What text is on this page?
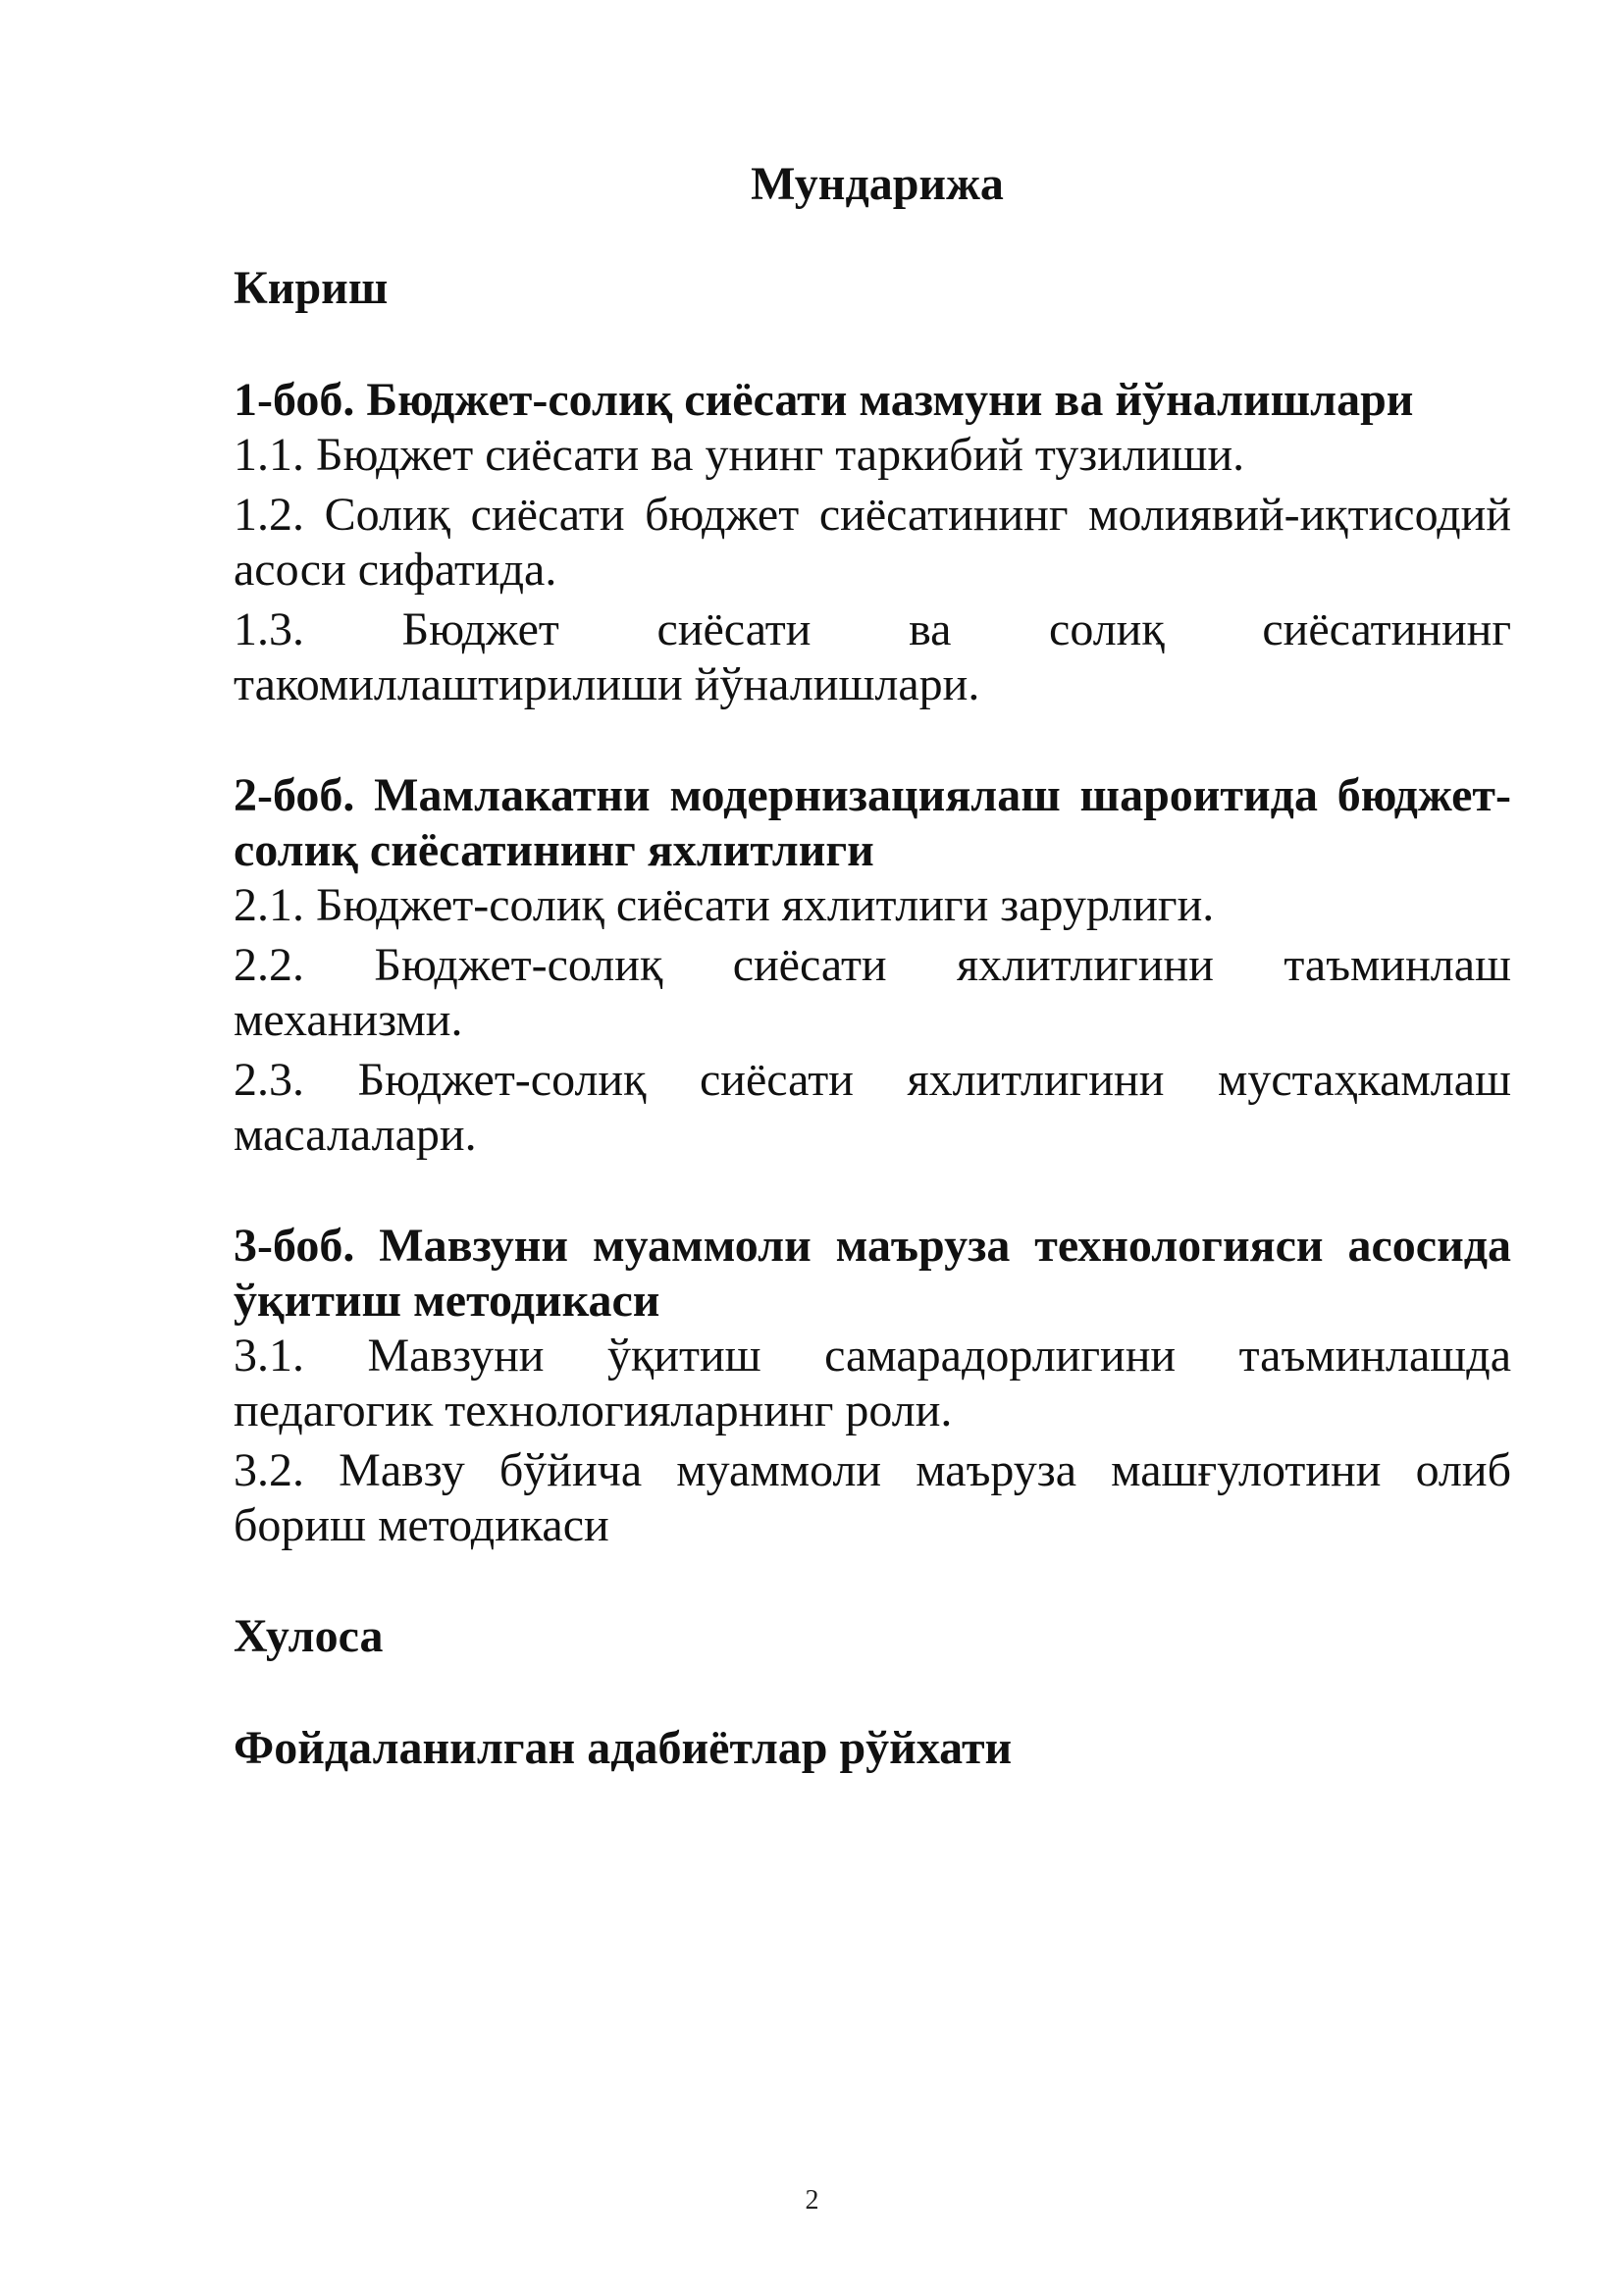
Мундарижа

Кириш

1-боб. Бюджет-солиқ сиёсати мазмуни ва йўналишлари

1.1. Бюджет сиёсати ва унинг таркибий тузилиши.

1.2. Солиқ сиёсати бюджет сиёсатининг молиявий-иқтисодий асоси сифатида.

1.3. Бюджет сиёсати ва солиқ сиёсатининг такомиллаштирилиши йўналишлари.

2-боб. Мамлакатни модернизациялаш шароитида бюджет-солиқ сиёсатининг яхлитлиги

2.1. Бюджет-солиқ сиёсати яхлитлиги зарурлиги.

2.2. Бюджет-солиқ сиёсати яхлитлигини таъминлаш механизми.

2.3. Бюджет-солиқ сиёсати яхлитлигини мустаҳкамлаш масалалари.

3-боб. Мавзуни муаммоли маъруза технологияси асосида ўқитиш методикаси

3.1. Мавзуни ўқитиш самарадорлигини таъминлашда педагогик технологияларнинг роли.

3.2. Мавзу бўйича муаммоли маъруза машғулотини олиб бориш методикаси

Хулоса

Фойдаланилган адабиётлар рўйхати

2
